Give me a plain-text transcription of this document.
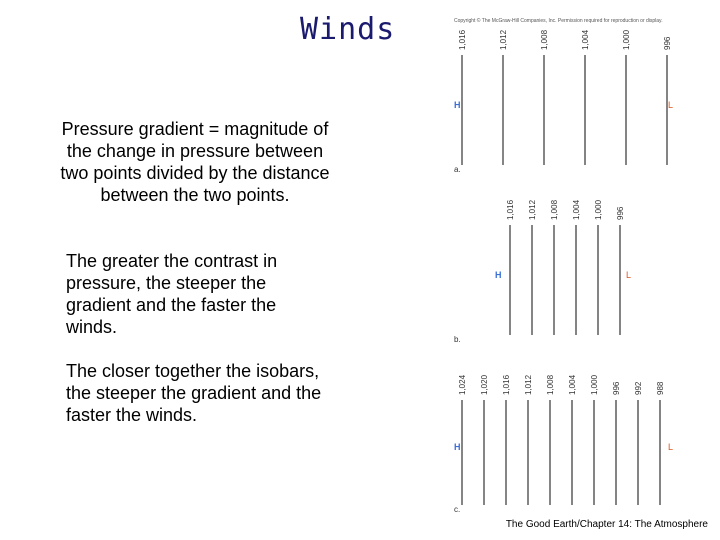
Winds
Pressure gradient = magnitude of the change in pressure between two points divided by the distance between the two points.
The greater the contrast in pressure, the steeper the gradient and the faster the winds.
The closer together the isobars, the steeper the gradient and the faster the winds.
Copyright © The McGraw-Hill Companies, Inc. Permission required for reproduction or display.
1,016	1,012	1,008	1,004	1,000	996
H	L
a.
1,016 1,012 1,008 1,004 1,000 996
H	L
b.
1,024 1,020 1,016 1,012 1,008 1,004 1,000 996 992 988
H	L
c.
The Good Earth/Chapter 14: The Atmosphere
